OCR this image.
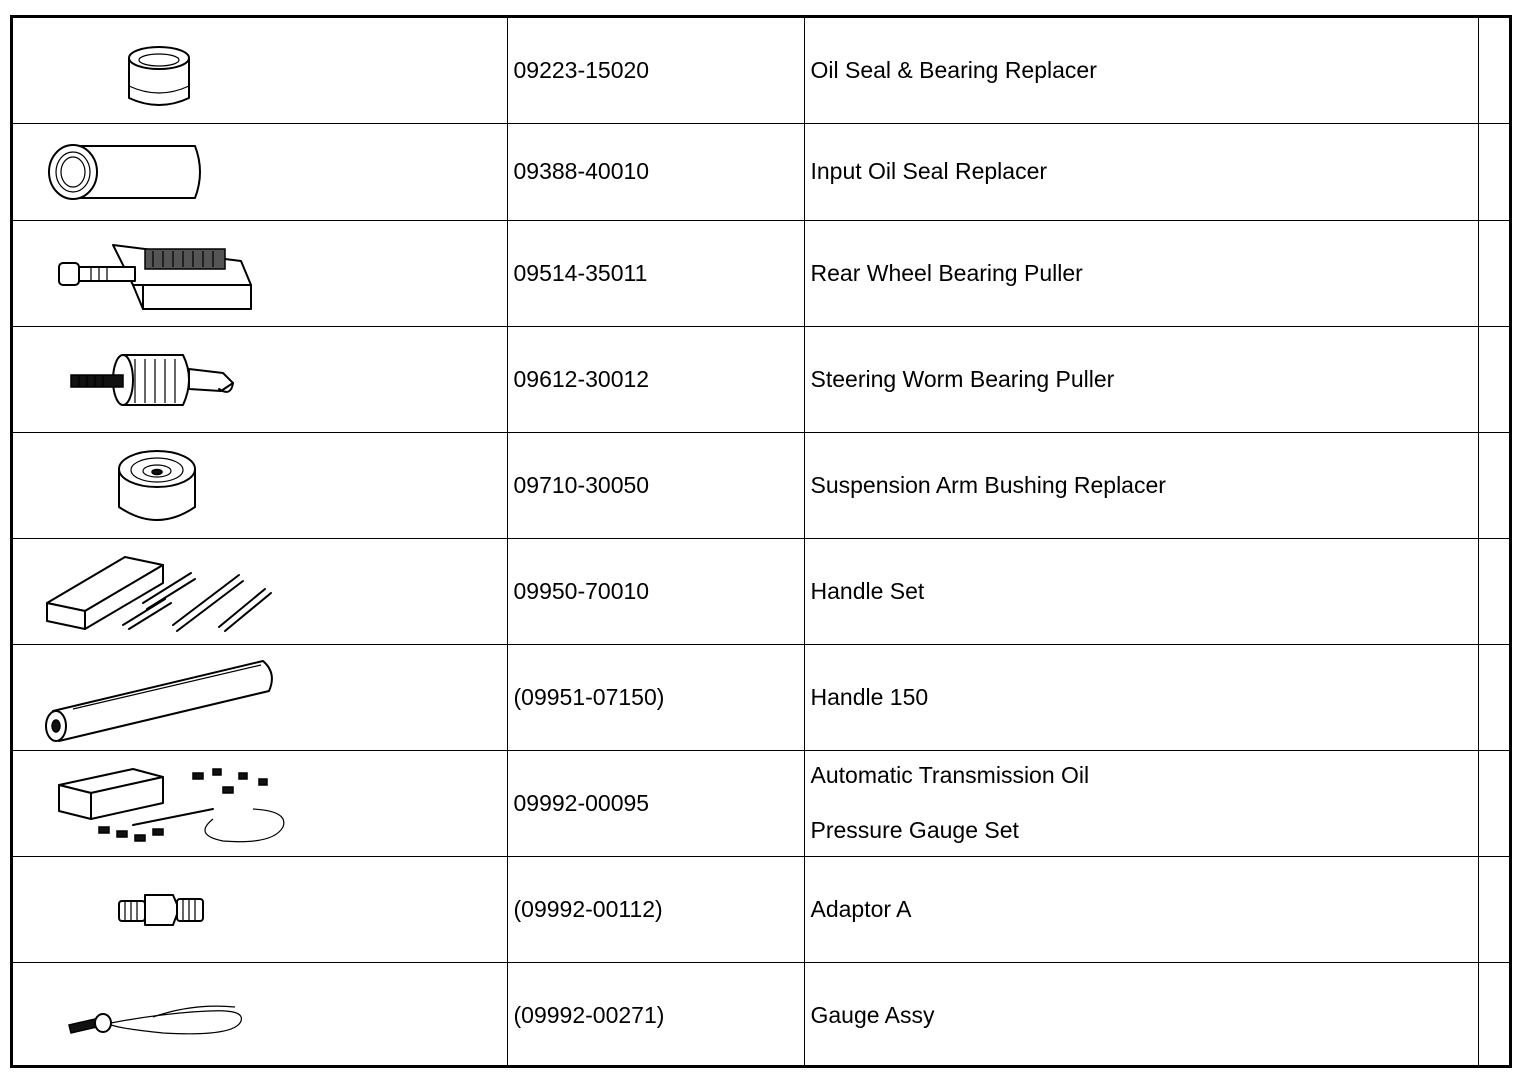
	09223-15020	Oil Seal & Bearing Replacer	

	09388-40010	Input Oil Seal Replacer	

	09514-35011	Rear Wheel Bearing Puller	

	09612-30012	Steering Worm Bearing Puller	

	09710-30050	Suspension Arm Bushing Replacer	

	09950-70010	Handle Set	

	(09951-07150)	Handle 150	

	09992-00095	Automatic Transmission Oil
Pressure Gauge Set	

	(09992-00112)	Adaptor A	

	(09992-00271)	Gauge Assy	
